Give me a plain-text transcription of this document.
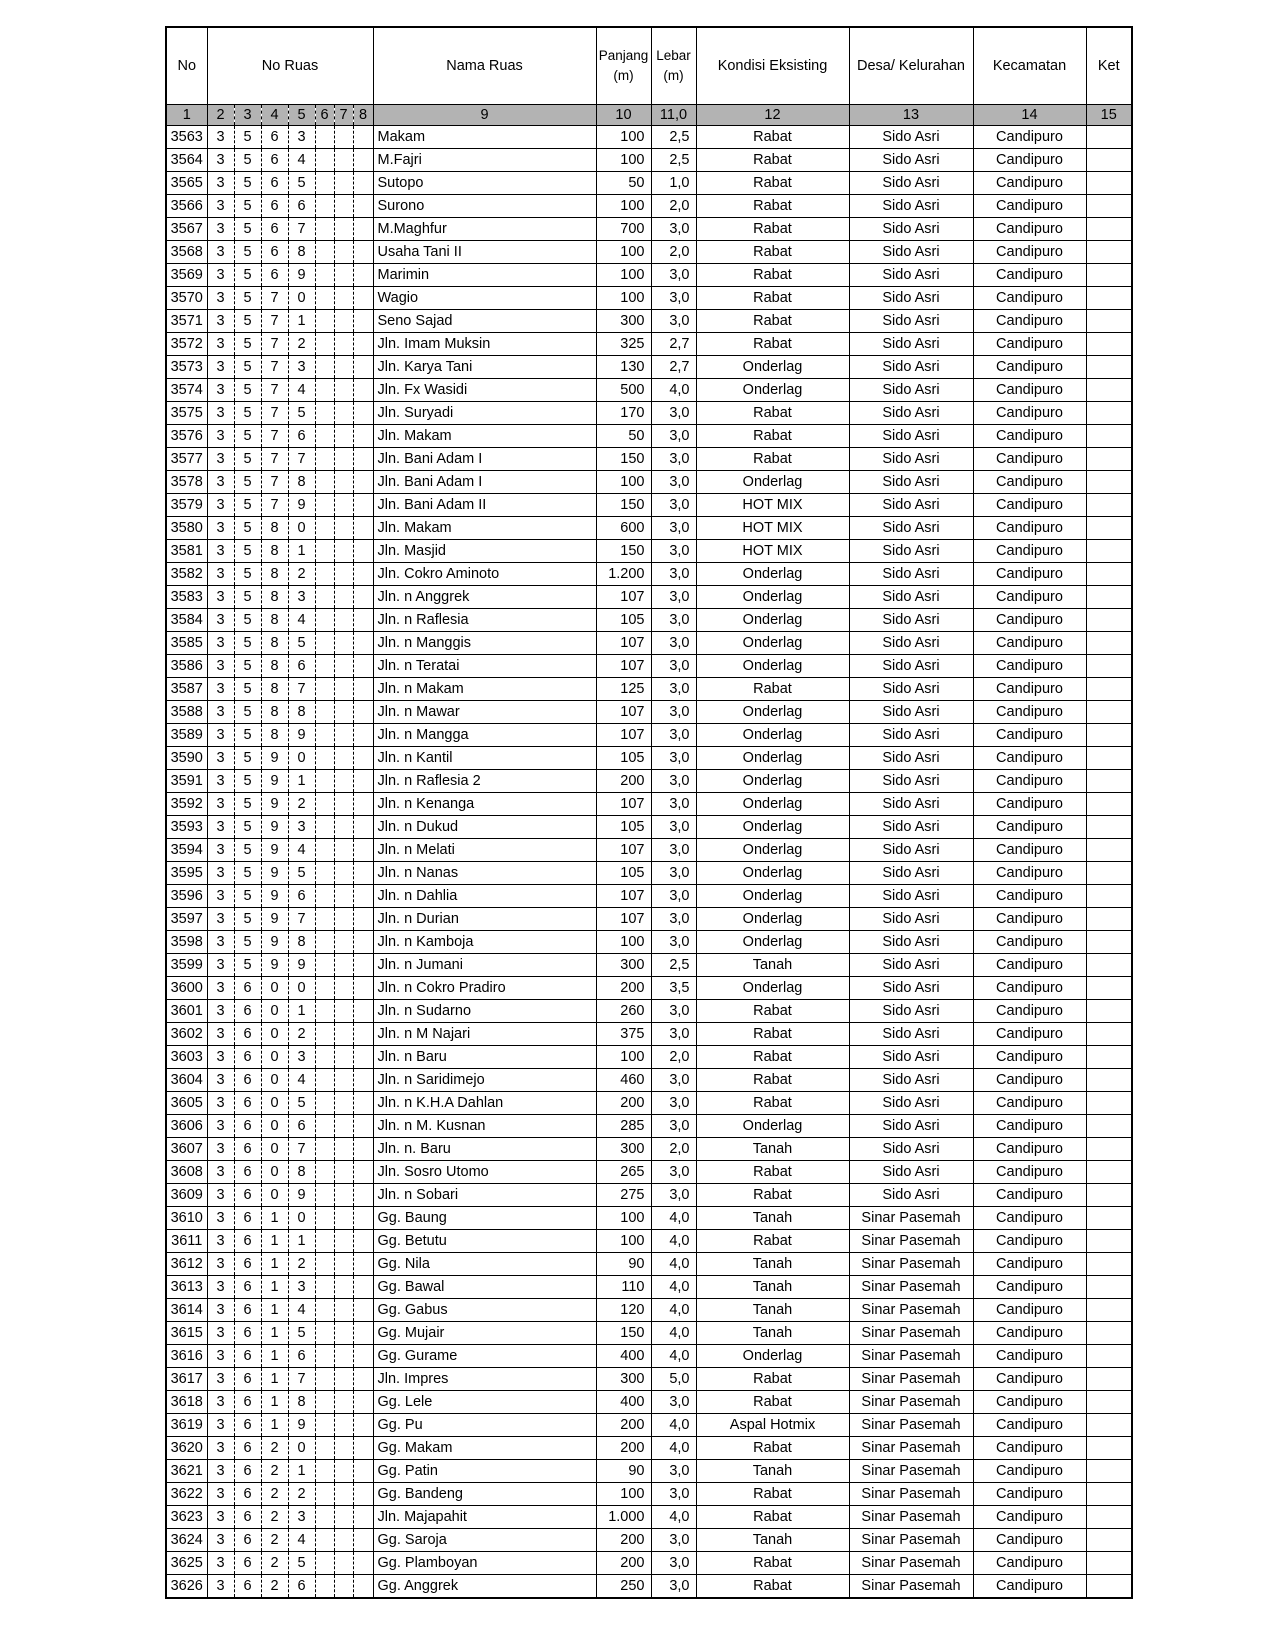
No	No Ruas							Nama Ruas	Panjang (m)	Lebar (m)	Kondisi Eksisting	Desa/ Kelurahan	Kecamatan	Ket
1	2	3	4	5	6	7	8	9	10	11,0	12	13	14	15
3563	3	5	6	3				Makam	100	2,5	Rabat	Sido Asri	Candipuro	
3564	3	5	6	4				M.Fajri	100	2,5	Rabat	Sido Asri	Candipuro	
3565	3	5	6	5				Sutopo	50	1,0	Rabat	Sido Asri	Candipuro	
3566	3	5	6	6				Surono	100	2,0	Rabat	Sido Asri	Candipuro	
3567	3	5	6	7				M.Maghfur	700	3,0	Rabat	Sido Asri	Candipuro	
3568	3	5	6	8				Usaha Tani II	100	2,0	Rabat	Sido Asri	Candipuro	
3569	3	5	6	9				Marimin	100	3,0	Rabat	Sido Asri	Candipuro	
3570	3	5	7	0				Wagio	100	3,0	Rabat	Sido Asri	Candipuro	
3571	3	5	7	1				Seno Sajad	300	3,0	Rabat	Sido Asri	Candipuro	
3572	3	5	7	2				Jln. Imam Muksin	325	2,7	Rabat	Sido Asri	Candipuro	
3573	3	5	7	3				Jln. Karya Tani	130	2,7	Onderlag	Sido Asri	Candipuro	
3574	3	5	7	4				Jln. Fx Wasidi	500	4,0	Onderlag	Sido Asri	Candipuro	
3575	3	5	7	5				Jln. Suryadi	170	3,0	Rabat	Sido Asri	Candipuro	
3576	3	5	7	6				Jln. Makam	50	3,0	Rabat	Sido Asri	Candipuro	
3577	3	5	7	7				Jln. Bani Adam I	150	3,0	Rabat	Sido Asri	Candipuro	
3578	3	5	7	8				Jln. Bani Adam I	100	3,0	Onderlag	Sido Asri	Candipuro	
3579	3	5	7	9				Jln. Bani Adam II	150	3,0	HOT MIX	Sido Asri	Candipuro	
3580	3	5	8	0				Jln. Makam	600	3,0	HOT MIX	Sido Asri	Candipuro	
3581	3	5	8	1				Jln. Masjid	150	3,0	HOT MIX	Sido Asri	Candipuro	
3582	3	5	8	2				Jln. Cokro Aminoto	1.200	3,0	Onderlag	Sido Asri	Candipuro	
3583	3	5	8	3				Jln. n Anggrek	107	3,0	Onderlag	Sido Asri	Candipuro	
3584	3	5	8	4				Jln. n Raflesia	105	3,0	Onderlag	Sido Asri	Candipuro	
3585	3	5	8	5				Jln. n Manggis	107	3,0	Onderlag	Sido Asri	Candipuro	
3586	3	5	8	6				Jln. n Teratai	107	3,0	Onderlag	Sido Asri	Candipuro	
3587	3	5	8	7				Jln. n Makam	125	3,0	Rabat	Sido Asri	Candipuro	
3588	3	5	8	8				Jln. n Mawar	107	3,0	Onderlag	Sido Asri	Candipuro	
3589	3	5	8	9				Jln. n Mangga	107	3,0	Onderlag	Sido Asri	Candipuro	
3590	3	5	9	0				Jln. n Kantil	105	3,0	Onderlag	Sido Asri	Candipuro	
3591	3	5	9	1				Jln. n Raflesia 2	200	3,0	Onderlag	Sido Asri	Candipuro	
3592	3	5	9	2				Jln. n Kenanga	107	3,0	Onderlag	Sido Asri	Candipuro	
3593	3	5	9	3				Jln. n Dukud	105	3,0	Onderlag	Sido Asri	Candipuro	
3594	3	5	9	4				Jln. n Melati	107	3,0	Onderlag	Sido Asri	Candipuro	
3595	3	5	9	5				Jln. n Nanas	105	3,0	Onderlag	Sido Asri	Candipuro	
3596	3	5	9	6				Jln. n Dahlia	107	3,0	Onderlag	Sido Asri	Candipuro	
3597	3	5	9	7				Jln. n Durian	107	3,0	Onderlag	Sido Asri	Candipuro	
3598	3	5	9	8				Jln. n Kamboja	100	3,0	Onderlag	Sido Asri	Candipuro	
3599	3	5	9	9				Jln. n Jumani	300	2,5	Tanah	Sido Asri	Candipuro	
3600	3	6	0	0				Jln. n Cokro Pradiro	200	3,5	Onderlag	Sido Asri	Candipuro	
3601	3	6	0	1				Jln. n Sudarno	260	3,0	Rabat	Sido Asri	Candipuro	
3602	3	6	0	2				Jln. n M Najari	375	3,0	Rabat	Sido Asri	Candipuro	
3603	3	6	0	3				Jln. n Baru	100	2,0	Rabat	Sido Asri	Candipuro	
3604	3	6	0	4				Jln. n Saridimejo	460	3,0	Rabat	Sido Asri	Candipuro	
3605	3	6	0	5				Jln. n K.H.A Dahlan	200	3,0	Rabat	Sido Asri	Candipuro	
3606	3	6	0	6				Jln. n M. Kusnan	285	3,0	Onderlag	Sido Asri	Candipuro	
3607	3	6	0	7				Jln. n. Baru	300	2,0	Tanah	Sido Asri	Candipuro	
3608	3	6	0	8				Jln. Sosro Utomo	265	3,0	Rabat	Sido Asri	Candipuro	
3609	3	6	0	9				Jln. n Sobari	275	3,0	Rabat	Sido Asri	Candipuro	
3610	3	6	1	0				Gg. Baung	100	4,0	Tanah	Sinar Pasemah	Candipuro	
3611	3	6	1	1				Gg. Betutu	100	4,0	Rabat	Sinar Pasemah	Candipuro	
3612	3	6	1	2				Gg. Nila	90	4,0	Tanah	Sinar Pasemah	Candipuro	
3613	3	6	1	3				Gg. Bawal	110	4,0	Tanah	Sinar Pasemah	Candipuro	
3614	3	6	1	4				Gg. Gabus	120	4,0	Tanah	Sinar Pasemah	Candipuro	
3615	3	6	1	5				Gg. Mujair	150	4,0	Tanah	Sinar Pasemah	Candipuro	
3616	3	6	1	6				Gg. Gurame	400	4,0	Onderlag	Sinar Pasemah	Candipuro	
3617	3	6	1	7				Jln. Impres	300	5,0	Rabat	Sinar Pasemah	Candipuro	
3618	3	6	1	8				Gg. Lele	400	3,0	Rabat	Sinar Pasemah	Candipuro	
3619	3	6	1	9				Gg. Pu	200	4,0	Aspal Hotmix	Sinar Pasemah	Candipuro	
3620	3	6	2	0				Gg. Makam	200	4,0	Rabat	Sinar Pasemah	Candipuro	
3621	3	6	2	1				Gg. Patin	90	3,0	Tanah	Sinar Pasemah	Candipuro	
3622	3	6	2	2				Gg. Bandeng	100	3,0	Rabat	Sinar Pasemah	Candipuro	
3623	3	6	2	3				Jln. Majapahit	1.000	4,0	Rabat	Sinar Pasemah	Candipuro	
3624	3	6	2	4				Gg. Saroja	200	3,0	Tanah	Sinar Pasemah	Candipuro	
3625	3	6	2	5				Gg. Plamboyan	200	3,0	Rabat	Sinar Pasemah	Candipuro	
3626	3	6	2	6				Gg. Anggrek	250	3,0	Rabat	Sinar Pasemah	Candipuro	
